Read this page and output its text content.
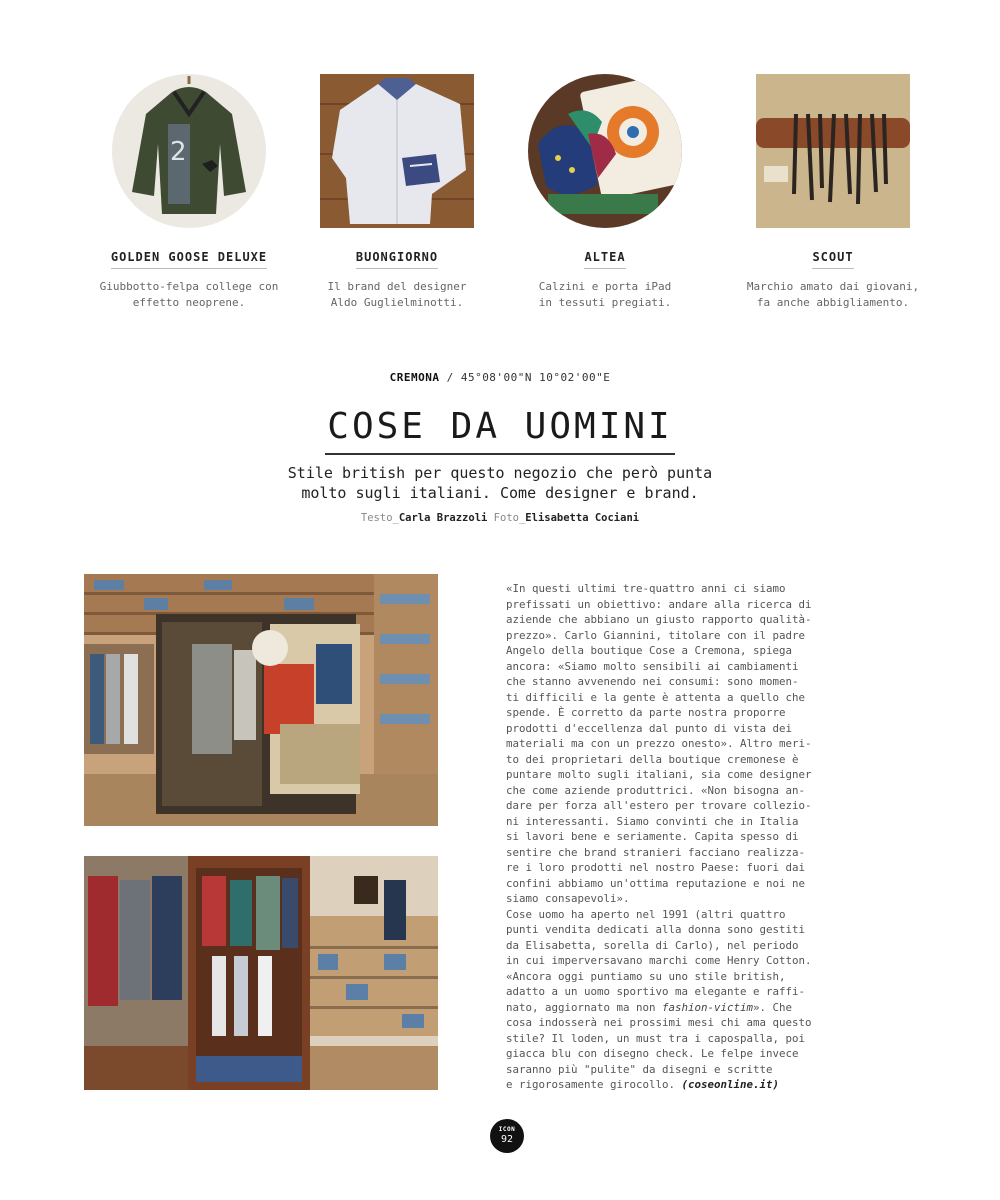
2
GOLDEN GOOSE DELUXE
Giubbotto-felpa college con
effetto neoprene.
BUONGIORNO
Il brand del designer
Aldo Guglielminotti.
ALTEA
Calzini e porta iPad
in tessuti pregiati.
SCOUT
Marchio amato dai giovani,
fa anche abbigliamento.
CREMONA / 45°08'00"N 10°02'00"E
COSE DA UOMINI
Stile british per questo negozio che però punta
molto sugli italiani. Come designer e brand.
Testo_Carla Brazzoli Foto_Elisabetta Cociani
«In questi ultimi tre-quattro anni ci siamo
prefissati un obiettivo: andare alla ricerca di
aziende che abbiano un giusto rapporto qualità-
prezzo». Carlo Giannini, titolare con il padre
Angelo della boutique Cose a Cremona, spiega
ancora: «Siamo molto sensibili ai cambiamenti
che stanno avvenendo nei consumi: sono momen-
ti difficili e la gente è attenta a quello che
spende. È corretto da parte nostra proporre
prodotti d'eccellenza dal punto di vista dei
materiali ma con un prezzo onesto». Altro meri-
to dei proprietari della boutique cremonese è
puntare molto sugli italiani, sia come designer
che come aziende produttrici. «Non bisogna an-
dare per forza all'estero per trovare collezio-
ni interessanti. Siamo convinti che in Italia
si lavori bene e seriamente. Capita spesso di
sentire che brand stranieri facciano realizza-
re i loro prodotti nel nostro Paese: fuori dai
confini abbiamo un'ottima reputazione e noi ne
siamo consapevoli».
Cose uomo ha aperto nel 1991 (altri quattro
punti vendita dedicati alla donna sono gestiti
da Elisabetta, sorella di Carlo), nel periodo
in cui imperversavano marchi come Henry Cotton.
«Ancora oggi puntiamo su uno stile british,
adatto a un uomo sportivo ma elegante e raffi-
nato, aggiornato ma non fashion-victim». Che
cosa indosserà nei prossimi mesi chi ama questo
stile? Il loden, un must tra i capospalla, poi
giacca blu con disegno check. Le felpe invece
saranno più "pulite" da disegni e scritte
e rigorosamente girocollo. (coseonline.it)
ICON
92
